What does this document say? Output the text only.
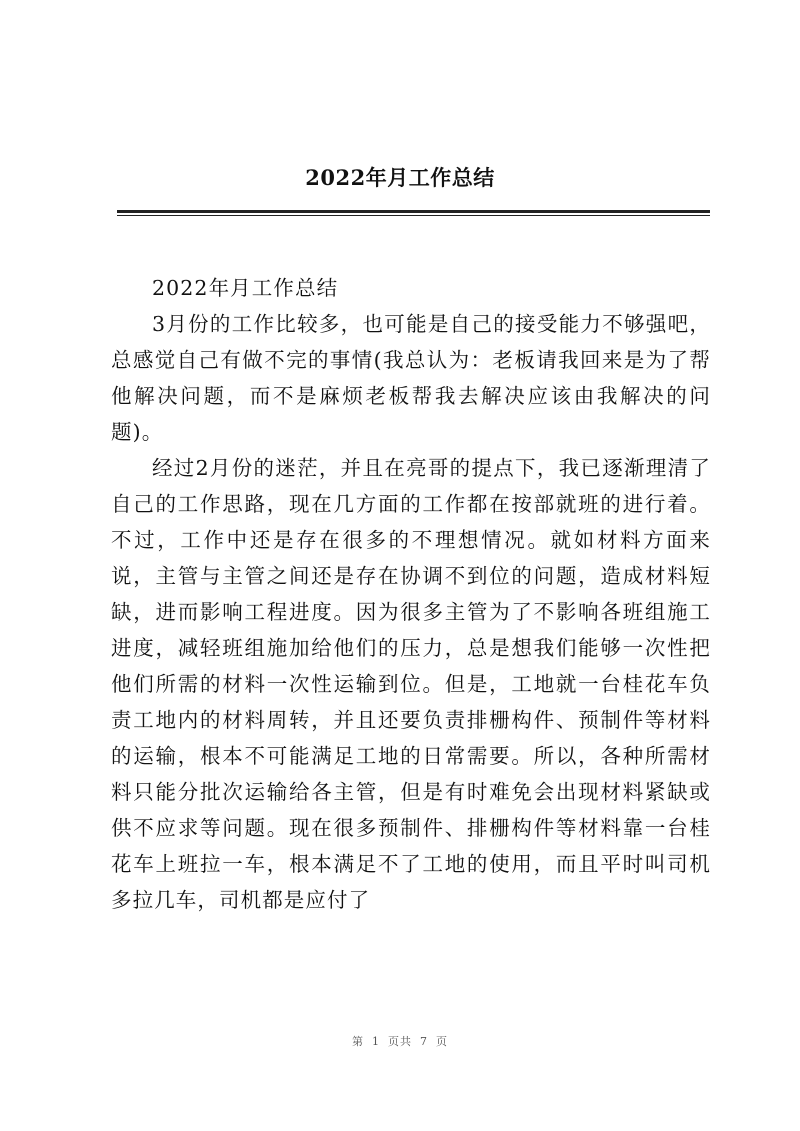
2022年月工作总结

2022年月工作总结

3月份的工作比较多，也可能是自己的接受能力不够强吧，总感觉自己有做不完的事情(我总认为：老板请我回来是为了帮他解决问题，而不是麻烦老板帮我去解决应该由我解决的问题)。

经过2月份的迷茫，并且在亮哥的提点下，我已逐渐理清了自己的工作思路，现在几方面的工作都在按部就班的进行着。不过，工作中还是存在很多的不理想情况。就如材料方面来说，主管与主管之间还是存在协调不到位的问题，造成材料短缺，进而影响工程进度。因为很多主管为了不影响各班组施工进度，减轻班组施加给他们的压力，总是想我们能够一次性把他们所需的材料一次性运输到位。但是，工地就一台桂花车负责工地内的材料周转，并且还要负责排栅构件、预制件等材料的运输，根本不可能满足工地的日常需要。所以，各种所需材料只能分批次运输给各主管，但是有时难免会出现材料紧缺或供不应求等问题。现在很多预制件、排栅构件等材料靠一台桂花车上班拉一车，根本满足不了工地的使用，而且平时叫司机多拉几车，司机都是应付了

第 1 页共 7 页
